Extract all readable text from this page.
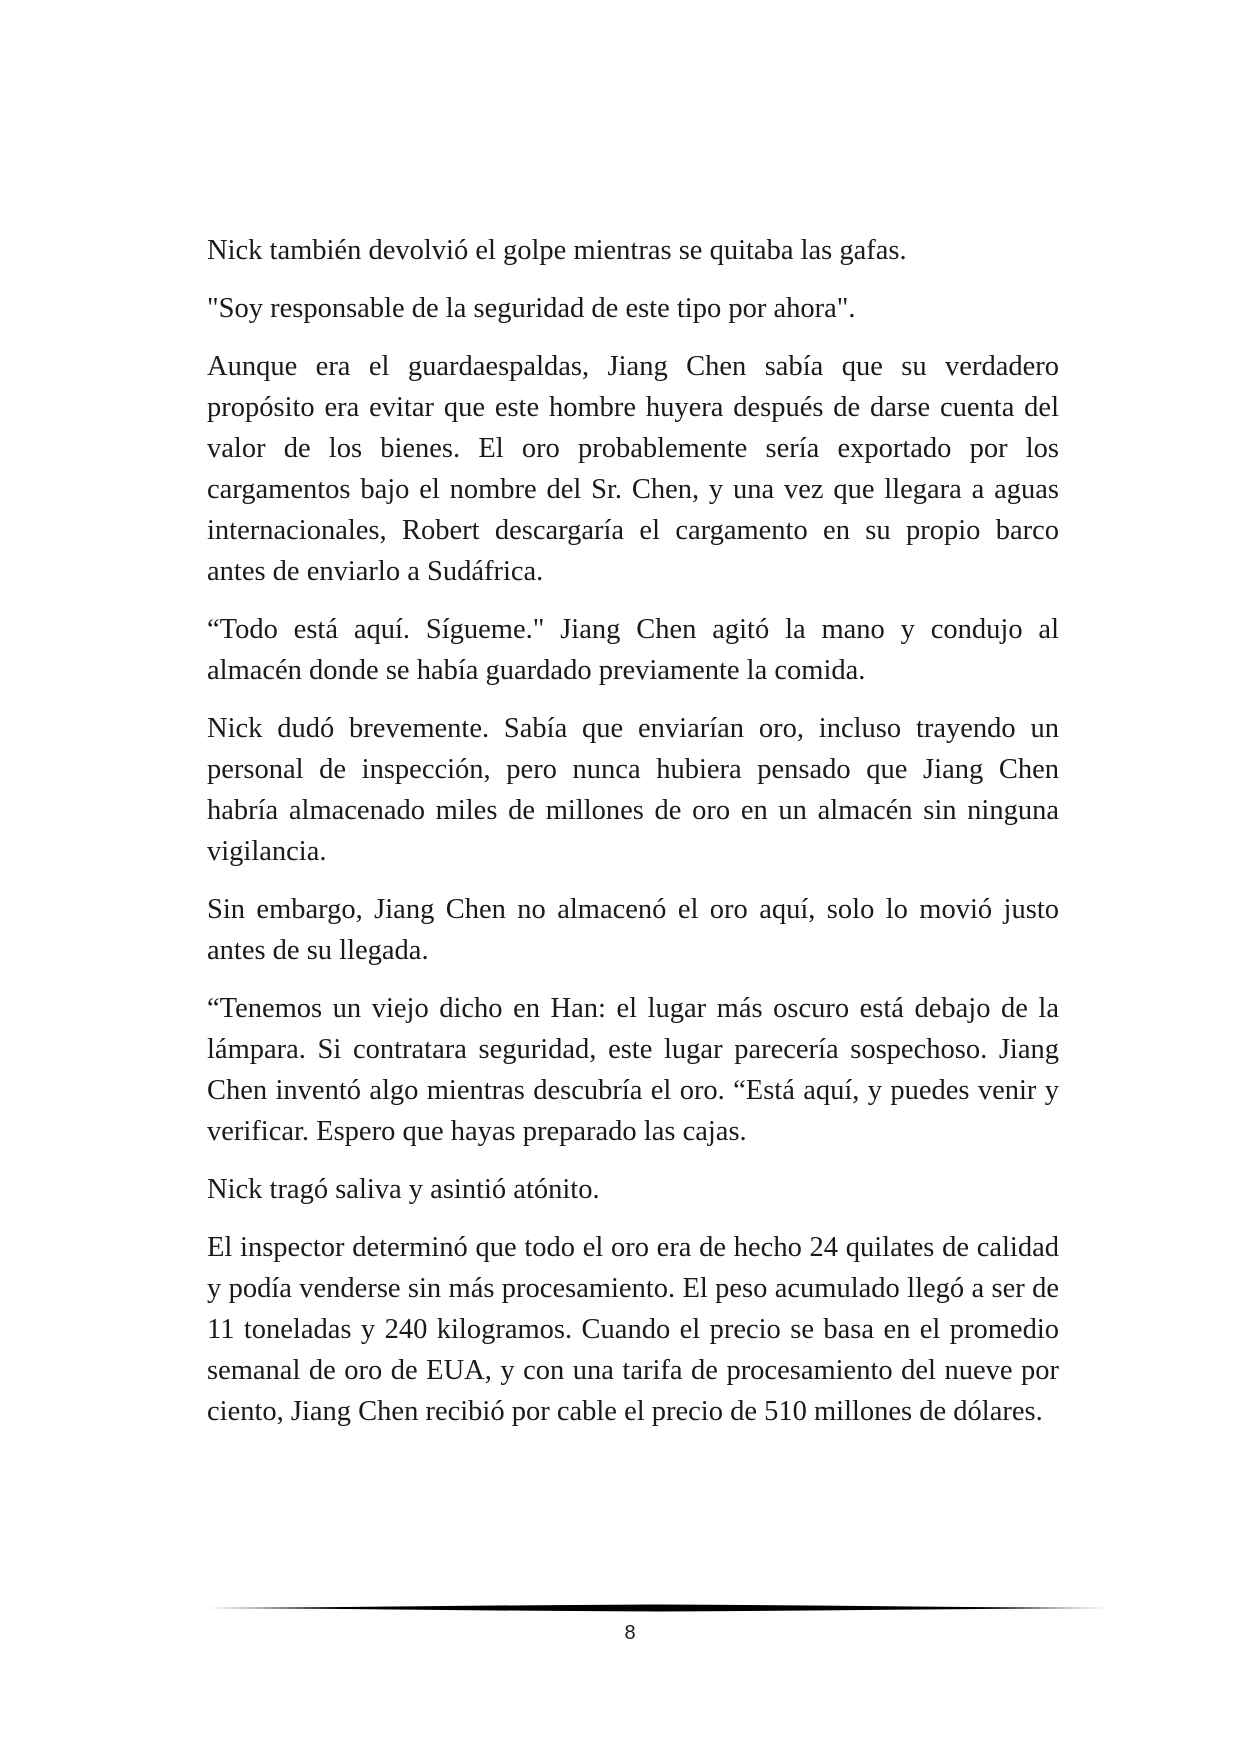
Nick también devolvió el golpe mientras se quitaba las gafas.

"Soy responsable de la seguridad de este tipo por ahora".

Aunque era el guardaespaldas, Jiang Chen sabía que su verdadero propósito era evitar que este hombre huyera después de darse cuenta del valor de los bienes. El oro probablemente sería exportado por los cargamentos bajo el nombre del Sr. Chen, y una vez que llegara a aguas internacionales, Robert descargaría el cargamento en su propio barco antes de enviarlo a Sudáfrica.

“Todo está aquí. Sígueme." Jiang Chen agitó la mano y condujo al almacén donde se había guardado previamente la comida.

Nick dudó brevemente. Sabía que enviarían oro, incluso trayendo un personal de inspección, pero nunca hubiera pensado que Jiang Chen habría almacenado miles de millones de oro en un almacén sin ninguna vigilancia.

Sin embargo, Jiang Chen no almacenó el oro aquí, solo lo movió justo antes de su llegada.

“Tenemos un viejo dicho en Han: el lugar más oscuro está debajo de la lámpara. Si contratara seguridad, este lugar parecería sospechoso. Jiang Chen inventó algo mientras descubría el oro. “Está aquí, y puedes venir y verificar. Espero que hayas preparado las cajas.

Nick tragó saliva y asintió atónito.

El inspector determinó que todo el oro era de hecho 24 quilates de calidad y podía venderse sin más procesamiento. El peso acumulado llegó a ser de 11 toneladas y 240 kilogramos. Cuando el precio se basa en el promedio semanal de oro de EUA, y con una tarifa de procesamiento del nueve por ciento, Jiang Chen recibió por cable el precio de 510 millones de dólares.

8
